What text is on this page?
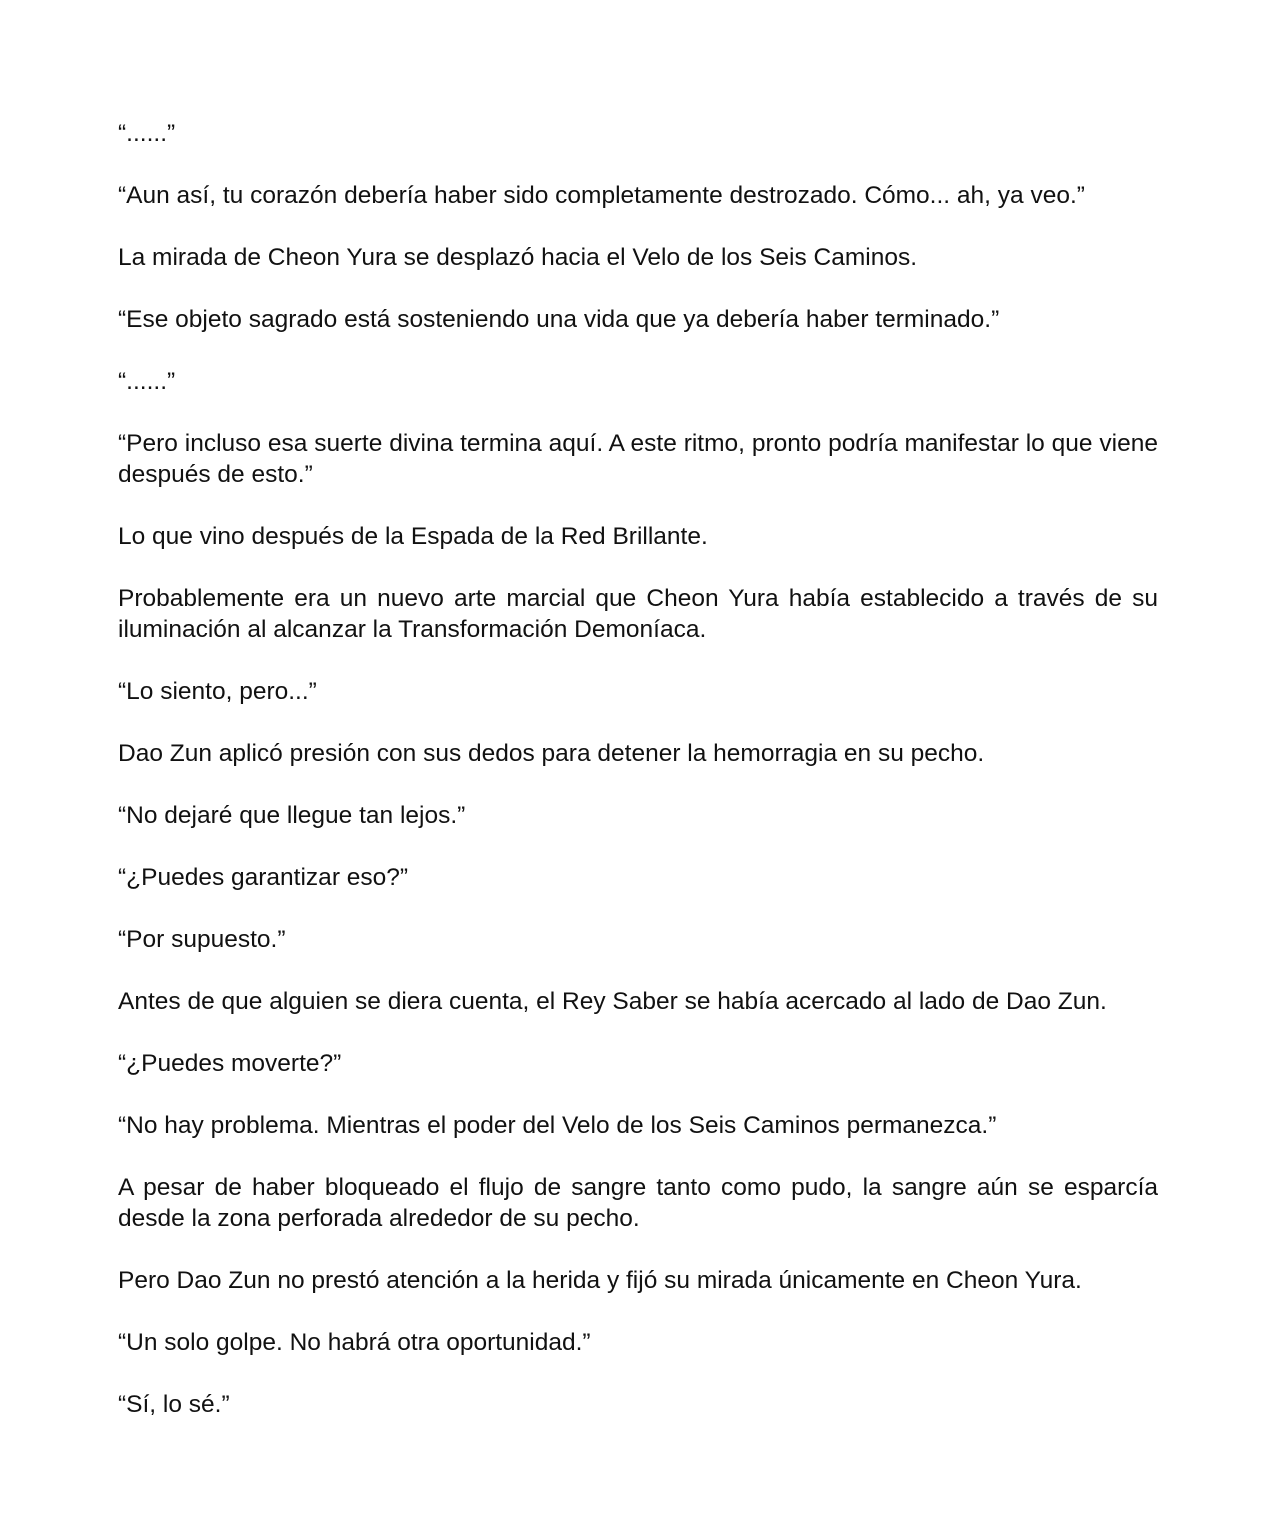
“......”

“Aun así, tu corazón debería haber sido completamente destrozado. Cómo... ah, ya veo.”

La mirada de Cheon Yura se desplazó hacia el Velo de los Seis Caminos.

“Ese objeto sagrado está sosteniendo una vida que ya debería haber terminado.”

“......”

“Pero incluso esa suerte divina termina aquí. A este ritmo, pronto podría manifestar lo que viene después de esto.”

Lo que vino después de la Espada de la Red Brillante.

Probablemente era un nuevo arte marcial que Cheon Yura había establecido a través de su iluminación al alcanzar la Transformación Demoníaca.

“Lo siento, pero...”

Dao Zun aplicó presión con sus dedos para detener la hemorragia en su pecho.

“No dejaré que llegue tan lejos.”

“¿Puedes garantizar eso?”

“Por supuesto.”

Antes de que alguien se diera cuenta, el Rey Saber se había acercado al lado de Dao Zun.

“¿Puedes moverte?”

“No hay problema. Mientras el poder del Velo de los Seis Caminos permanezca.”

A pesar de haber bloqueado el flujo de sangre tanto como pudo, la sangre aún se esparcía desde la zona perforada alrededor de su pecho.

Pero Dao Zun no prestó atención a la herida y fijó su mirada únicamente en Cheon Yura.

“Un solo golpe. No habrá otra oportunidad.”

“Sí, lo sé.”
